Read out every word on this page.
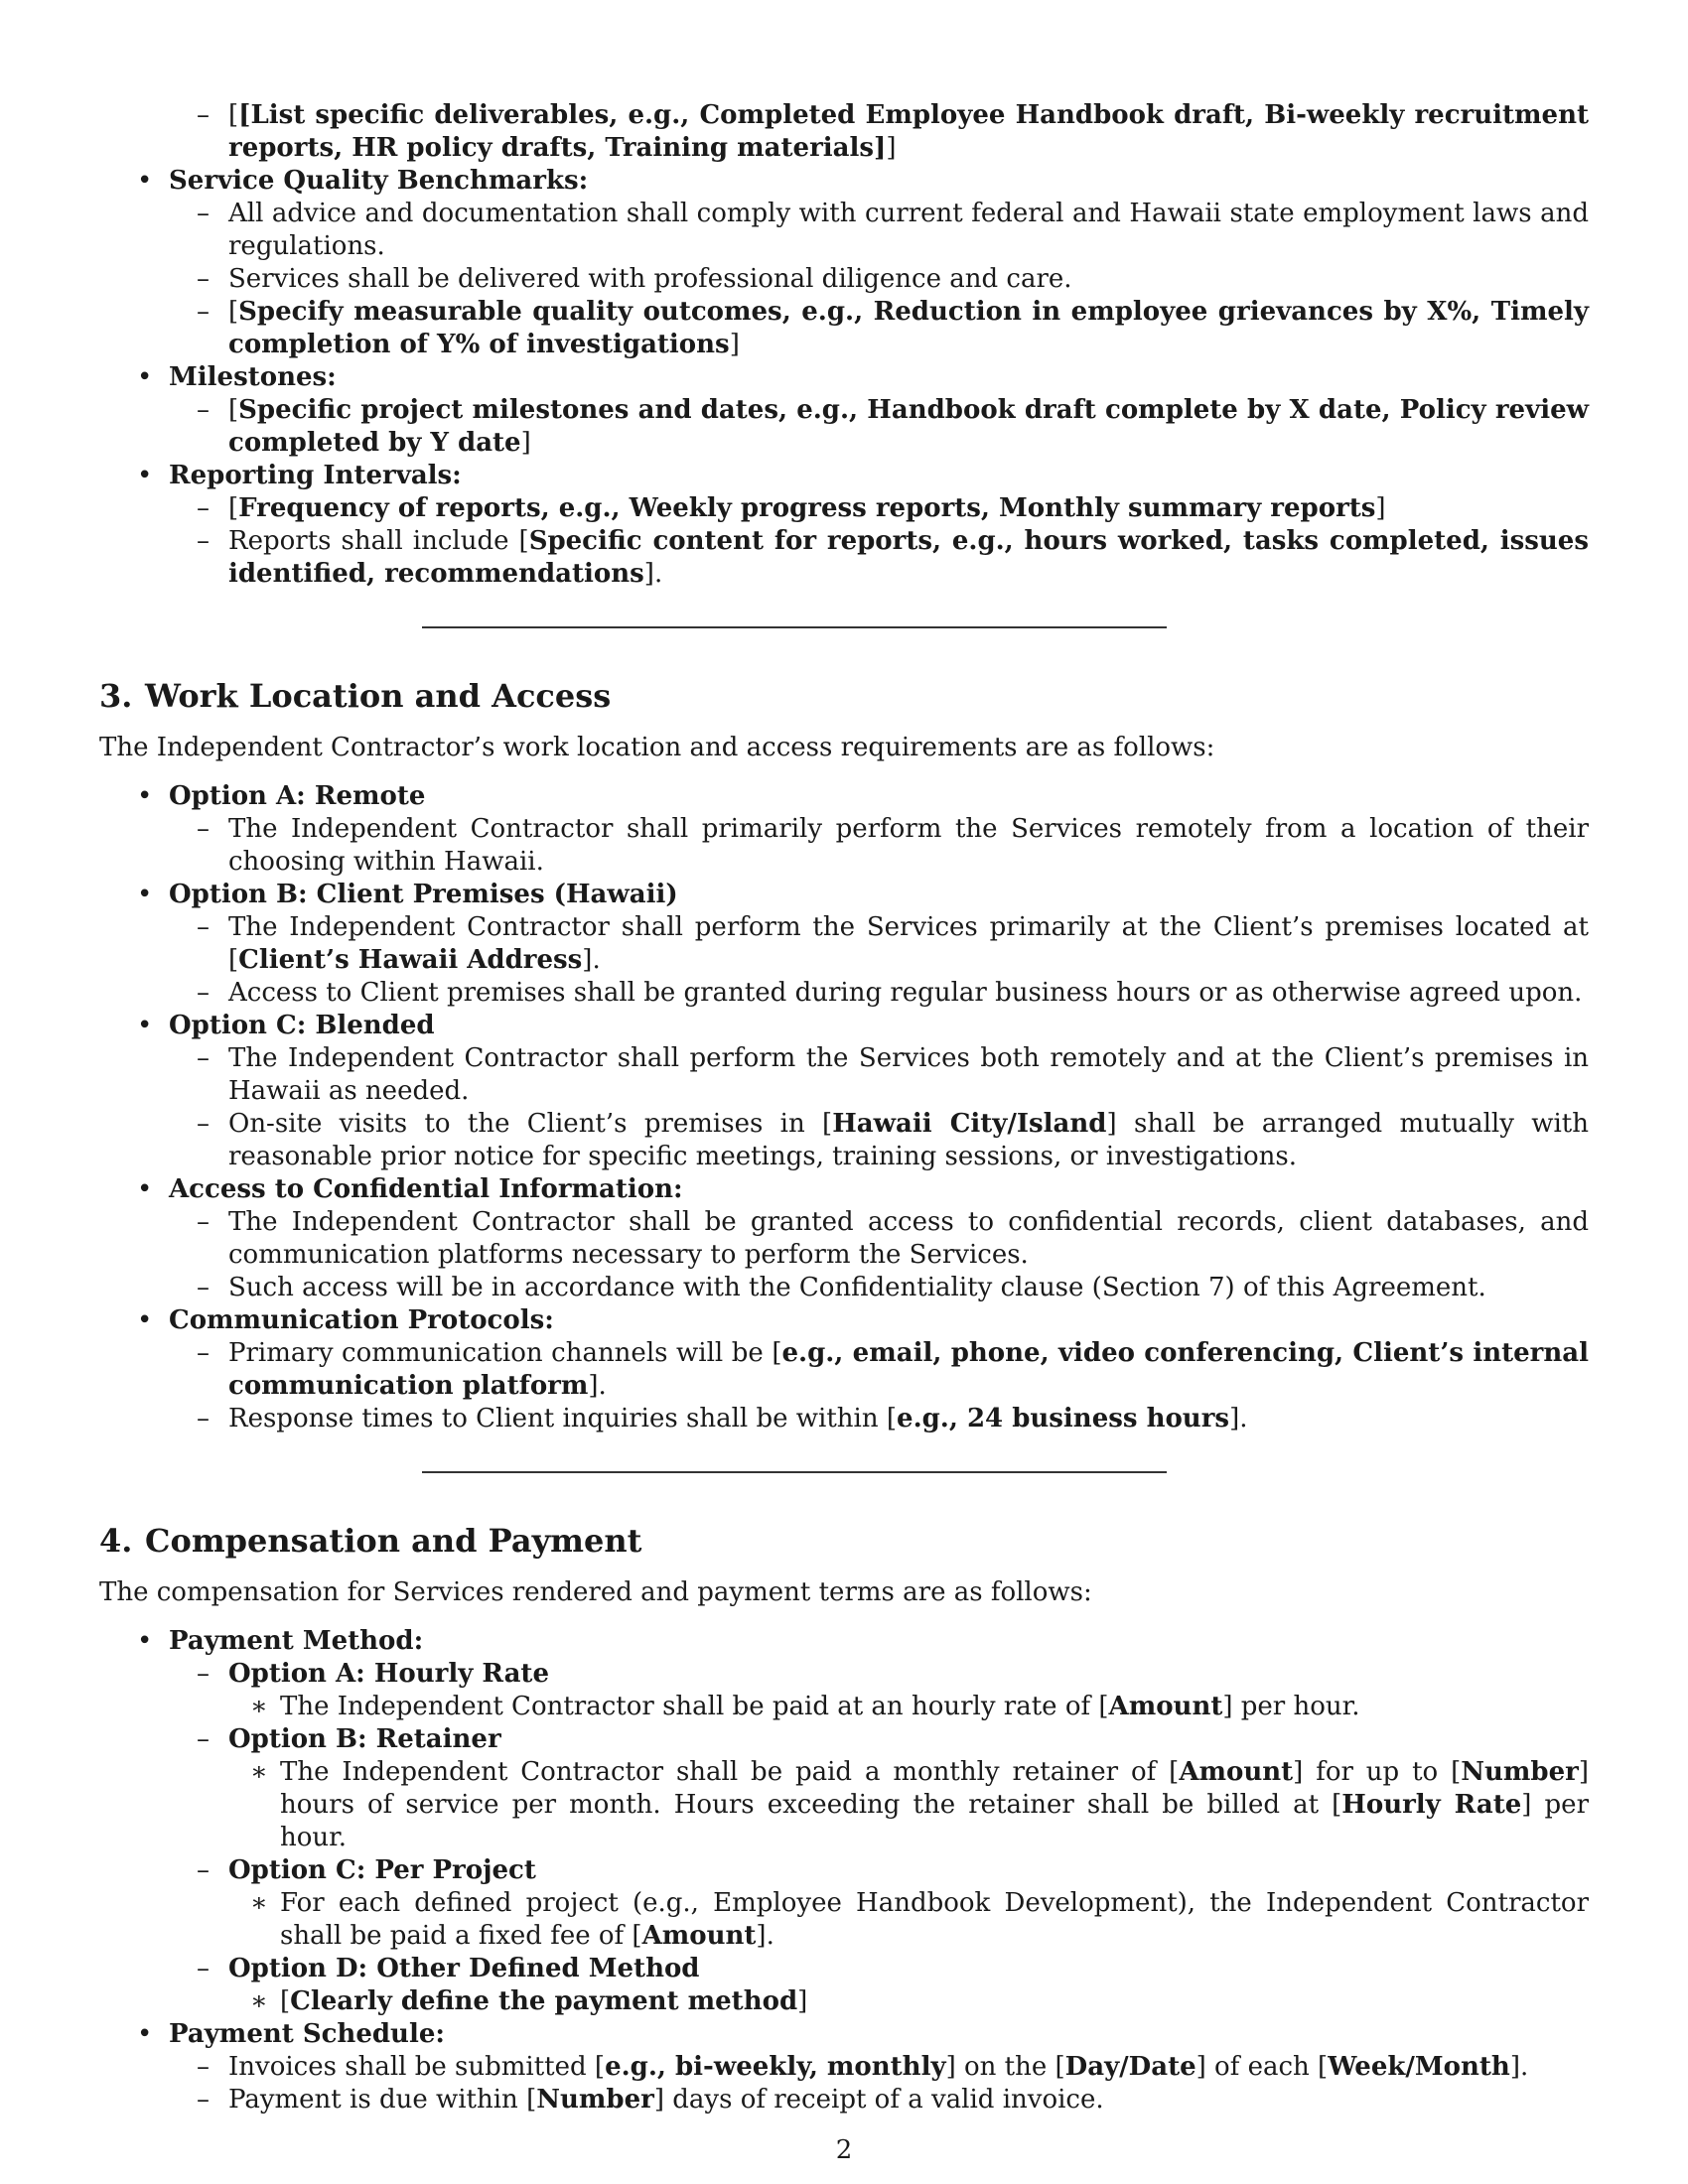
– [[List specific deliverables, e.g., Completed Employee Handbook draft, Bi-weekly recruitment reports, HR policy drafts, Training materials]]
• Service Quality Benchmarks:
– All advice and documentation shall comply with current federal and Hawaii state employment laws and regulations.
– Services shall be delivered with professional diligence and care.
– [Specify measurable quality outcomes, e.g., Reduction in employee grievances by X%, Timely completion of Y% of investigations]
• Milestones:
– [Specific project milestones and dates, e.g., Handbook draft complete by X date, Policy review completed by Y date]
• Reporting Intervals:
– [Frequency of reports, e.g., Weekly progress reports, Monthly summary reports]
– Reports shall include [Specific content for reports, e.g., hours worked, tasks completed, issues identified, recommendations].
3. Work Location and Access

The Independent Contractor’s work location and access requirements are as follows:

• Option A: Remote
– The Independent Contractor shall primarily perform the Services remotely from a location of their choosing within Hawaii.
• Option B: Client Premises (Hawaii)
– The Independent Contractor shall perform the Services primarily at the Client’s premises located at [Client’s Hawaii Address].
– Access to Client premises shall be granted during regular business hours or as otherwise agreed upon.
• Option C: Blended
– The Independent Contractor shall perform the Services both remotely and at the Client’s premises in Hawaii as needed.
– On-site visits to the Client’s premises in [Hawaii City/Island] shall be arranged mutually with reasonable prior notice for specific meetings, training sessions, or investigations.
• Access to Confidential Information:
– The Independent Contractor shall be granted access to confidential records, client databases, and communication platforms necessary to perform the Services.
– Such access will be in accordance with the Confidentiality clause (Section 7) of this Agreement.
• Communication Protocols:
– Primary communication channels will be [e.g., email, phone, video conferencing, Client’s internal communication platform].
– Response times to Client inquiries shall be within [e.g., 24 business hours].
4. Compensation and Payment

The compensation for Services rendered and payment terms are as follows:

• Payment Method:
– Option A: Hourly Rate
∗ The Independent Contractor shall be paid at an hourly rate of [Amount] per hour.
– Option B: Retainer
∗ The Independent Contractor shall be paid a monthly retainer of [Amount] for up to [Number] hours of service per month. Hours exceeding the retainer shall be billed at [Hourly Rate] per hour.
– Option C: Per Project
∗ For each defined project (e.g., Employee Handbook Development), the Independent Contractor shall be paid a fixed fee of [Amount].
– Option D: Other Defined Method
∗ [Clearly define the payment method]
• Payment Schedule:
– Invoices shall be submitted [e.g., bi-weekly, monthly] on the [Day/Date] of each [Week/Month].
– Payment is due within [Number] days of receipt of a valid invoice.
2
